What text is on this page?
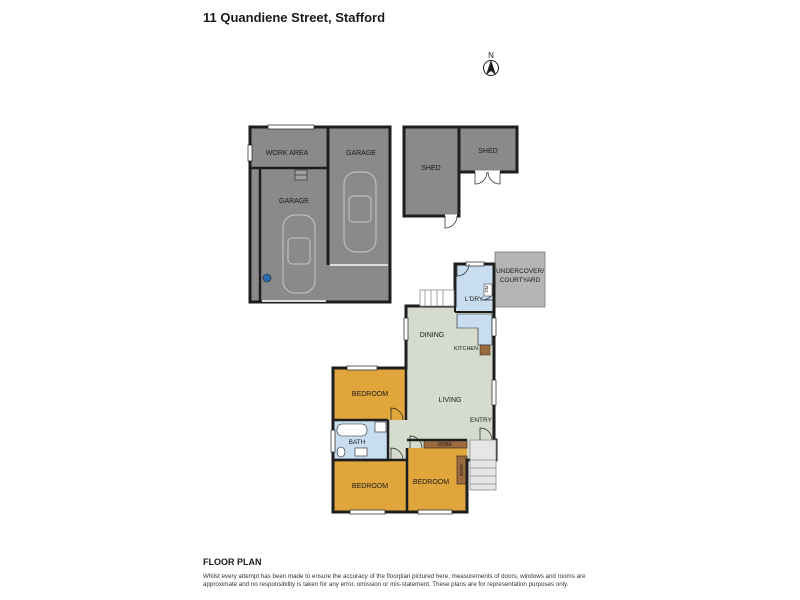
11 Quandiene Street, Stafford
N
WORK AREA	GARAGE
GARAGE
SHED
SHED
UNDERCOVER/
COURTYARD
L'DRY
DM
DINING
KITCHEN
BEDROOM
LIVING
ENTRY
BATH	ROBE
ROBE
BEDROOM
BEDROOM
FLOOR PLAN
Whilst every attempt has been made to ensure the accuracy of the floorplan pictured here, measurements of doors, windows and rooms are approximate and no responsibility is taken for any error, omission or mis-statement. These plans are for representation purposes only.
